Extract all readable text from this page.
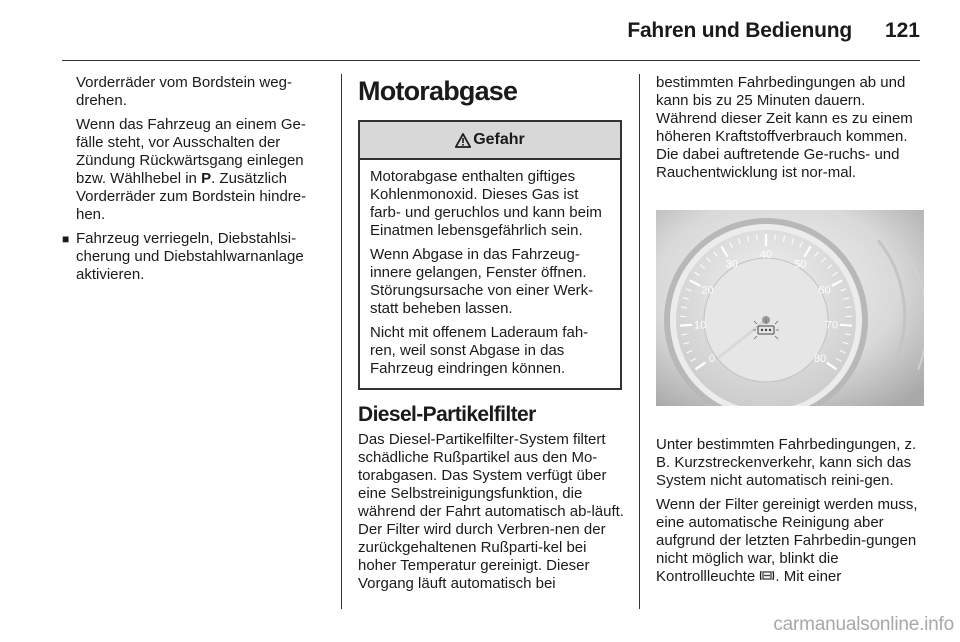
Fahren und Bedienung 121
Vorderräder vom Bordstein weg-drehen.
Wenn das Fahrzeug an einem Ge-fälle steht, vor Ausschalten der Zündung Rückwärtsgang einlegen bzw. Wählhebel in P. Zusätzlich Vorderräder zum Bordstein hindre-hen.
■ Fahrzeug verriegeln, Diebstahlsi-cherung und Diebstahlwarnanlage aktivieren.
Motorabgase
Gefahr
Motorabgase enthalten giftiges Kohlenmonoxid. Dieses Gas ist farb- und geruchlos und kann beim Einatmen lebensgefährlich sein.
Wenn Abgase in das Fahrzeug-innere gelangen, Fenster öffnen. Störungsursache von einer Werk-statt beheben lassen.
Nicht mit offenem Laderaum fah-ren, weil sonst Abgase in das Fahrzeug eindringen können.
Diesel-Partikelfilter
Das Diesel-Partikelfilter-System filtert schädliche Rußpartikel aus den Mo-torabgasen. Das System verfügt über eine Selbstreinigungsfunktion, die während der Fahrt automatisch ab-läuft. Der Filter wird durch Verbren-nen der zurückgehaltenen Rußparti-kel bei hoher Temperatur gereinigt. Dieser Vorgang läuft automatisch bei
bestimmten Fahrbedingungen ab und kann bis zu 25 Minuten dauern. Während dieser Zeit kann es zu einem höheren Kraftstoffverbrauch kommen. Die dabei auftretende Ge-ruchs- und Rauchentwicklung ist nor-mal.
0
10
20
30
40
50
60
70
80
Unter bestimmten Fahrbedingungen, z. B. Kurzstreckenverkehr, kann sich das System nicht automatisch reini-gen.
Wenn der Filter gereinigt werden muss, eine automatische Reinigung aber aufgrund der letzten Fahrbedin-gungen nicht möglich war, blinkt die Kontrollleuchte . Mit einer
carmanualsonline.info
